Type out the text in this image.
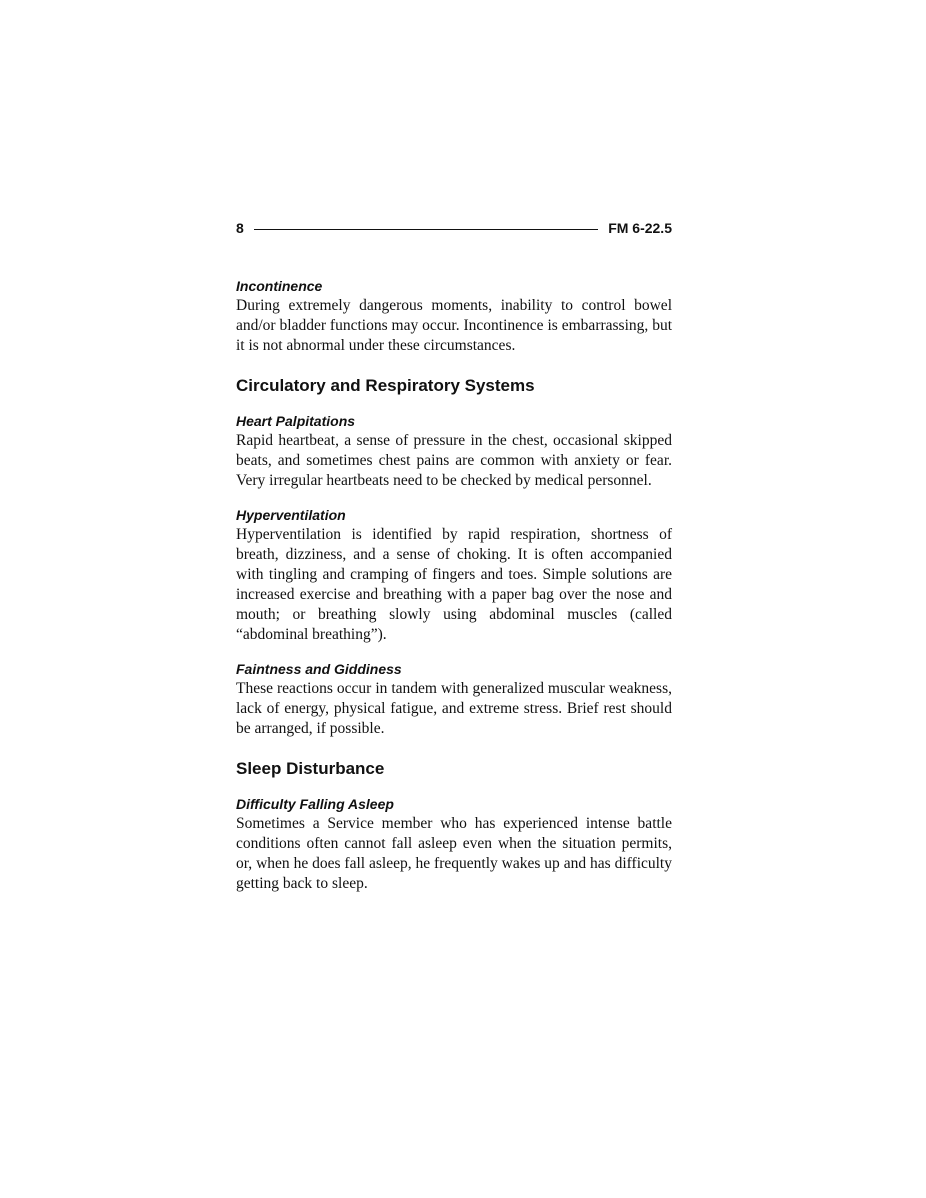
8	FM 6-22.5

Incontinence

During extremely dangerous moments, inability to control bowel and/or bladder functions may occur. Incontinence is embarrassing, but it is not abnormal under these circumstances.

Circulatory and Respiratory Systems

Heart Palpitations

Rapid heartbeat, a sense of pressure in the chest, occasional skipped beats, and sometimes chest pains are common with anxiety or fear. Very irregular heartbeats need to be checked by medical personnel.

Hyperventilation

Hyperventilation is identified by rapid respiration, shortness of breath, dizziness, and a sense of choking. It is often accompanied with tingling and cramping of fingers and toes. Simple solutions are increased exercise and breathing with a paper bag over the nose and mouth; or breathing slowly using abdominal muscles (called “abdominal breathing”).

Faintness and Giddiness

These reactions occur in tandem with generalized muscular weakness, lack of energy, physical fatigue, and extreme stress. Brief rest should be arranged, if possible.

Sleep Disturbance

Difficulty Falling Asleep

Sometimes a Service member who has experienced intense battle conditions often cannot fall asleep even when the situation permits, or, when he does fall asleep, he frequently wakes up and has difficulty getting back to sleep.
